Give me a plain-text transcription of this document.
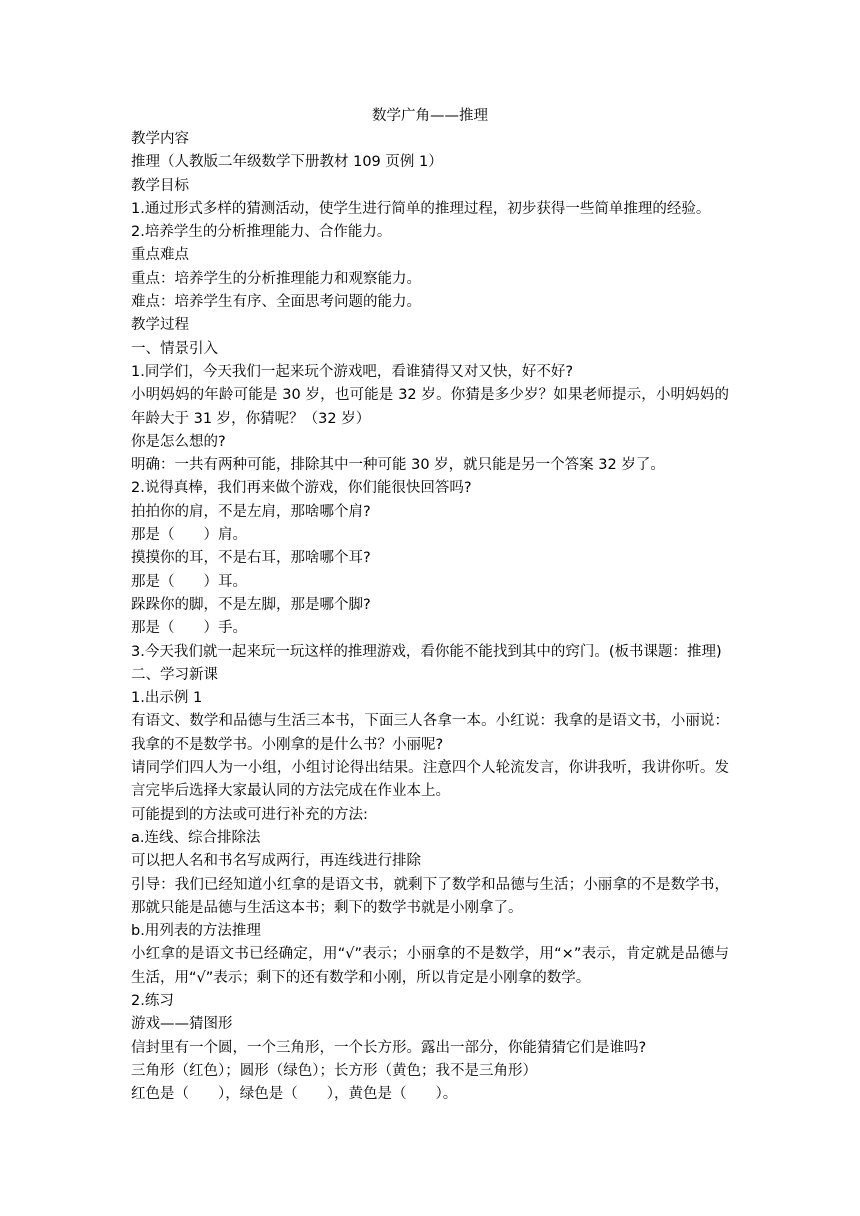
数学广角——推理
教学内容
推理（人教版二年级数学下册教材 109 页例 1）
教学目标
1.通过形式多样的猜测活动，使学生进行简单的推理过程，初步获得一些简单推理的经验。
2.培养学生的分析推理能力、合作能力。
重点难点
重点：培养学生的分析推理能力和观察能力。
难点：培养学生有序、全面思考问题的能力。
教学过程
一、情景引入
1.同学们，今天我们一起来玩个游戏吧，看谁猜得又对又快，好不好?
小明妈妈的年龄可能是 30 岁，也可能是 32 岁。你猜是多少岁？如果老师提示，小明妈妈的年龄大于 31 岁，你猜呢？（32 岁）
你是怎么想的?
明确：一共有两种可能，排除其中一种可能 30 岁，就只能是另一个答案 32 岁了。
2.说得真棒，我们再来做个游戏，你们能很快回答吗?
拍拍你的肩，不是左肩，那啥哪个肩?
那是（　　）肩。
摸摸你的耳，不是右耳，那啥哪个耳?
那是（　　）耳。
跺跺你的脚，不是左脚，那是哪个脚?
那是（　　）手。
3.今天我们就一起来玩一玩这样的推理游戏，看你能不能找到其中的窍门。(板书课题：推理)
二、学习新课
1.出示例 1
有语文、数学和品德与生活三本书，下面三人各拿一本。小红说：我拿的是语文书，小丽说：我拿的不是数学书。小刚拿的是什么书？小丽呢?
请同学们四人为一小组，小组讨论得出结果。注意四个人轮流发言，你讲我听，我讲你听。发言完毕后选择大家最认同的方法完成在作业本上。
可能提到的方法或可进行补充的方法:
a.连线、综合排除法
可以把人名和书名写成两行，再连线进行排除
引导：我们已经知道小红拿的是语文书，就剩下了数学和品德与生活；小丽拿的不是数学书，那就只能是品德与生活这本书；剩下的数学书就是小刚拿了。
b.用列表的方法推理
小红拿的是语文书已经确定，用“√”表示；小丽拿的不是数学，用“×”表示，肯定就是品德与生活，用“√”表示；剩下的还有数学和小刚，所以肯定是小刚拿的数学。
2.练习
游戏——猜图形
信封里有一个圆，一个三角形，一个长方形。露出一部分，你能猜猜它们是谁吗?
三角形（红色）；圆形（绿色）；长方形（黄色；我不是三角形）
红色是（　　），绿色是（　　），黄色是（　　）。
